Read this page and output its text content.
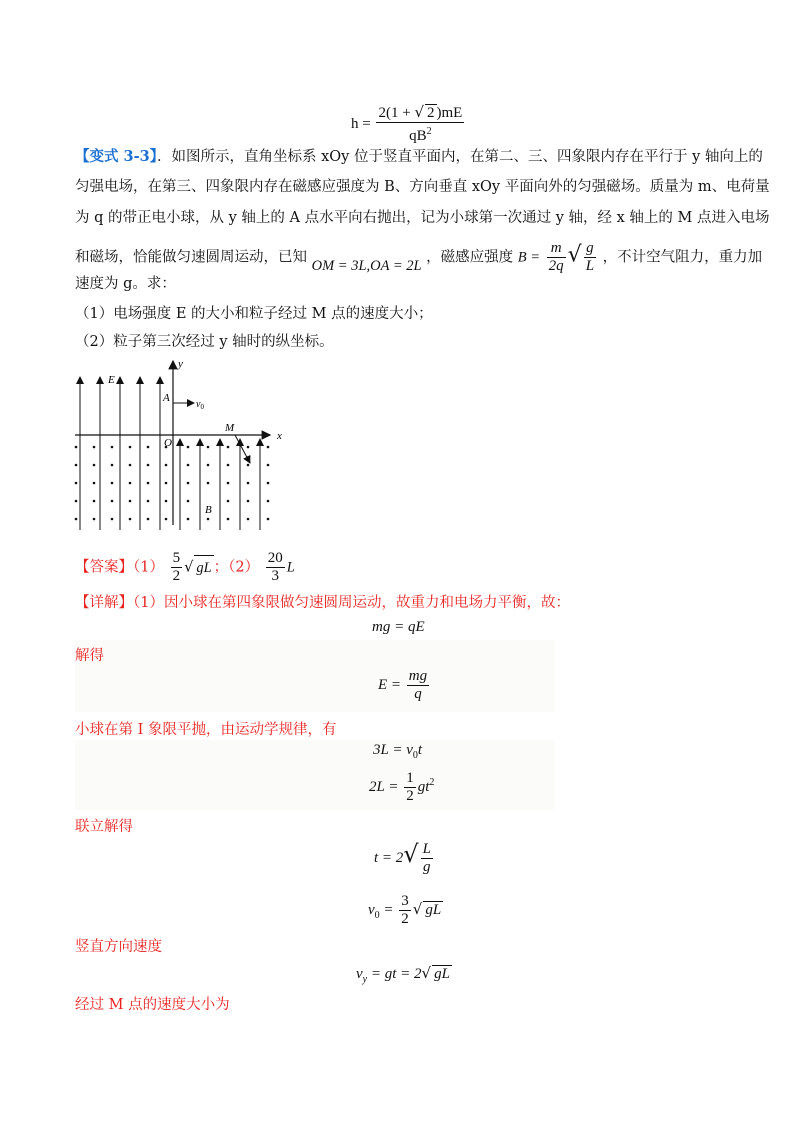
$h = \frac{2(1 + √ 2 )mE}{qB^2}$
【变式 3-3】．如图所示，直角坐标系 xOy 位于竖直平面内，在第二、三、四象限内存在平行于 y 轴向上的
匀强电场，在第三、四象限内存在磁感应强度为 B、方向垂直 xOy 平面向外的匀强磁场。质量为 m、电荷量
为 q 的带正电小球，从 y 轴上的 A 点水平向右抛出，记为小球第一次通过 y 轴，经 x 轴上的 M 点进入电场
和磁场，恰能做匀速圆周运动，已知 OM = 3L,OA = 2L ，磁感应强度 $B = \frac{m}{2q}$ √ $\frac{g}{L}$ ，不计空气阻力，重力加
速度为 g。求：
（1）电场强度 E 的大小和粒子经过 M 点的速度大小；
（2）粒子第三次经过 y 轴时的纵坐标。
y
x
E
A
$v_0$
O
M
v
B
【答案】$(1) \frac{5}{2}$ √ gL ；$(2) \frac{20}{3}$ L
【详解】（1）因小球在第四象限做匀速圆周运动，故重力和电场力平衡，故：
mg = qE
解得
$E = \frac{mg}{q}$
小球在第 Ⅰ 象限平抛，由运动学规律，有
$3L = v_0t$
$2L = \frac{1}{2} gt^2$
联立解得
$t = 2√ \frac{L}{g}$
$v_0 = \frac{3}{2}$ √ gL
竖直方向速度
$v_y$ = gt = 2√ gL
经过 M 点的速度大小为
